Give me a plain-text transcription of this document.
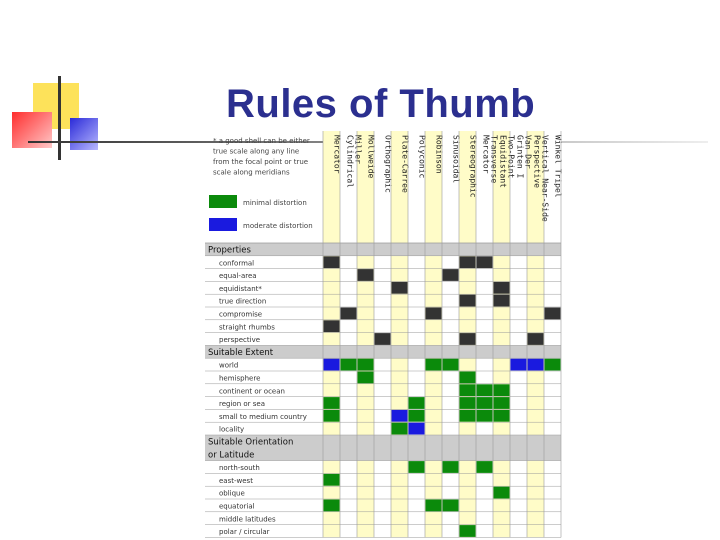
Rules of Thumb
* a good shell can be either
true scale along any line
from the focal point or true
scale along meridians
minimal distortion
moderate distortion
Mercator Miller
Cylindrical Mollweide Orthographic Plate-Carree Polyconic Robinson Sinusoidal Stereographic Transverse
Mercator Two-Point
Equidistant Van Der
Grinten I Vertical Near-Side
Perspective Winkel Tripel
Properties
conformal
equal-area
equidistant*
true direction
compromise
straight rhumbs
perspective
Suitable Extent
world
hemisphere
continent or ocean
region or sea
small to medium country
locality
Suitable Orientation
or Latitude
north-south
east-west
oblique
equatorial
middle latitudes
polar / circular
